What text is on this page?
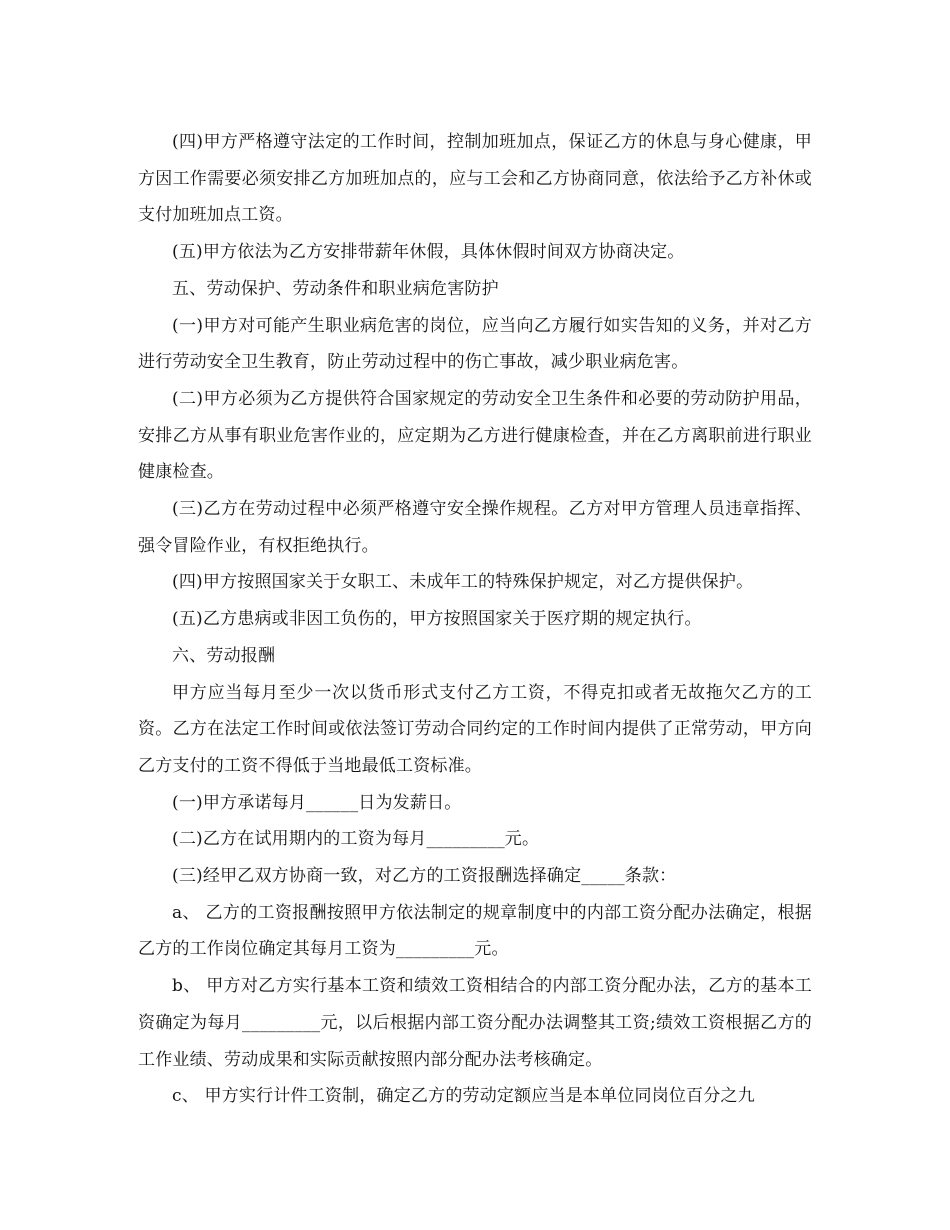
(四)甲方严格遵守法定的工作时间，控制加班加点，保证乙方的休息与身心健康，甲方因工作需要必须安排乙方加班加点的，应与工会和乙方协商同意，依法给予乙方补休或支付加班加点工资。

(五)甲方依法为乙方安排带薪年休假，具体休假时间双方协商决定。

五、劳动保护、劳动条件和职业病危害防护

(一)甲方对可能产生职业病危害的岗位，应当向乙方履行如实告知的义务，并对乙方进行劳动安全卫生教育，防止劳动过程中的伤亡事故，减少职业病危害。

(二)甲方必须为乙方提供符合国家规定的劳动安全卫生条件和必要的劳动防护用品，安排乙方从事有职业危害作业的，应定期为乙方进行健康检查，并在乙方离职前进行职业健康检查。

(三)乙方在劳动过程中必须严格遵守安全操作规程。乙方对甲方管理人员违章指挥、强令冒险作业，有权拒绝执行。

(四)甲方按照国家关于女职工、未成年工的特殊保护规定，对乙方提供保护。

(五)乙方患病或非因工负伤的，甲方按照国家关于医疗期的规定执行。

六、劳动报酬

甲方应当每月至少一次以货币形式支付乙方工资，不得克扣或者无故拖欠乙方的工资。乙方在法定工作时间或依法签订劳动合同约定的工作时间内提供了正常劳动，甲方向乙方支付的工资不得低于当地最低工资标准。

(一)甲方承诺每月______日为发薪日。

(二)乙方在试用期内的工资为每月_________元。

(三)经甲乙双方协商一致，对乙方的工资报酬选择确定_____条款：

a、 乙方的工资报酬按照甲方依法制定的规章制度中的内部工资分配办法确定，根据乙方的工作岗位确定其每月工资为_________元。

b、 甲方对乙方实行基本工资和绩效工资相结合的内部工资分配办法，乙方的基本工资确定为每月_________元，以后根据内部工资分配办法调整其工资;绩效工资根据乙方的工作业绩、劳动成果和实际贡献按照内部分配办法考核确定。

c、 甲方实行计件工资制，确定乙方的劳动定额应当是本单位同岗位百分之九
